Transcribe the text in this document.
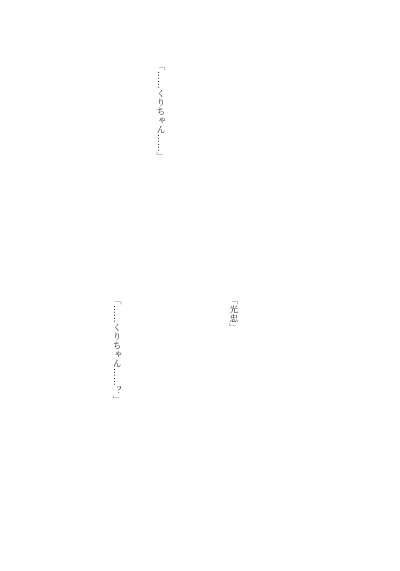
「……くりちゃん……」

「光忠」

「……くりちゃん……？」
